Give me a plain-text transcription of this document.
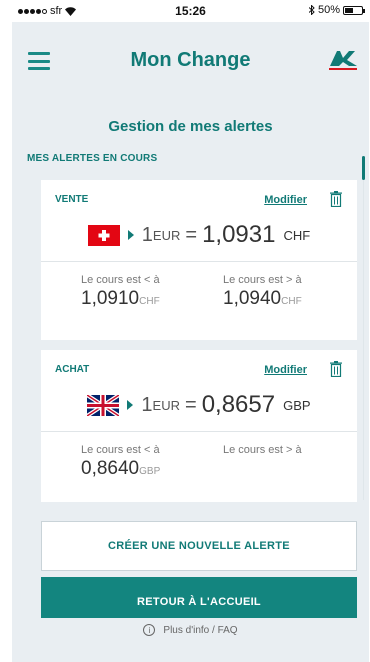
sfr	15:26	50%
Mon Change
Gestion de mes alertes
MES ALERTES EN COURS
VENTE	Modifier
1 EUR = 1,0931 CHF
Le cours est < à
1,0910CHF
Le cours est > à
1,0940CHF
ACHAT	Modifier
1 EUR = 0,8657 GBP
Le cours est < à
0,8640GBP
Le cours est > à
CRÉER UNE NOUVELLE ALERTE
RETOUR À L'ACCUEIL
i	Plus d'info / FAQ
